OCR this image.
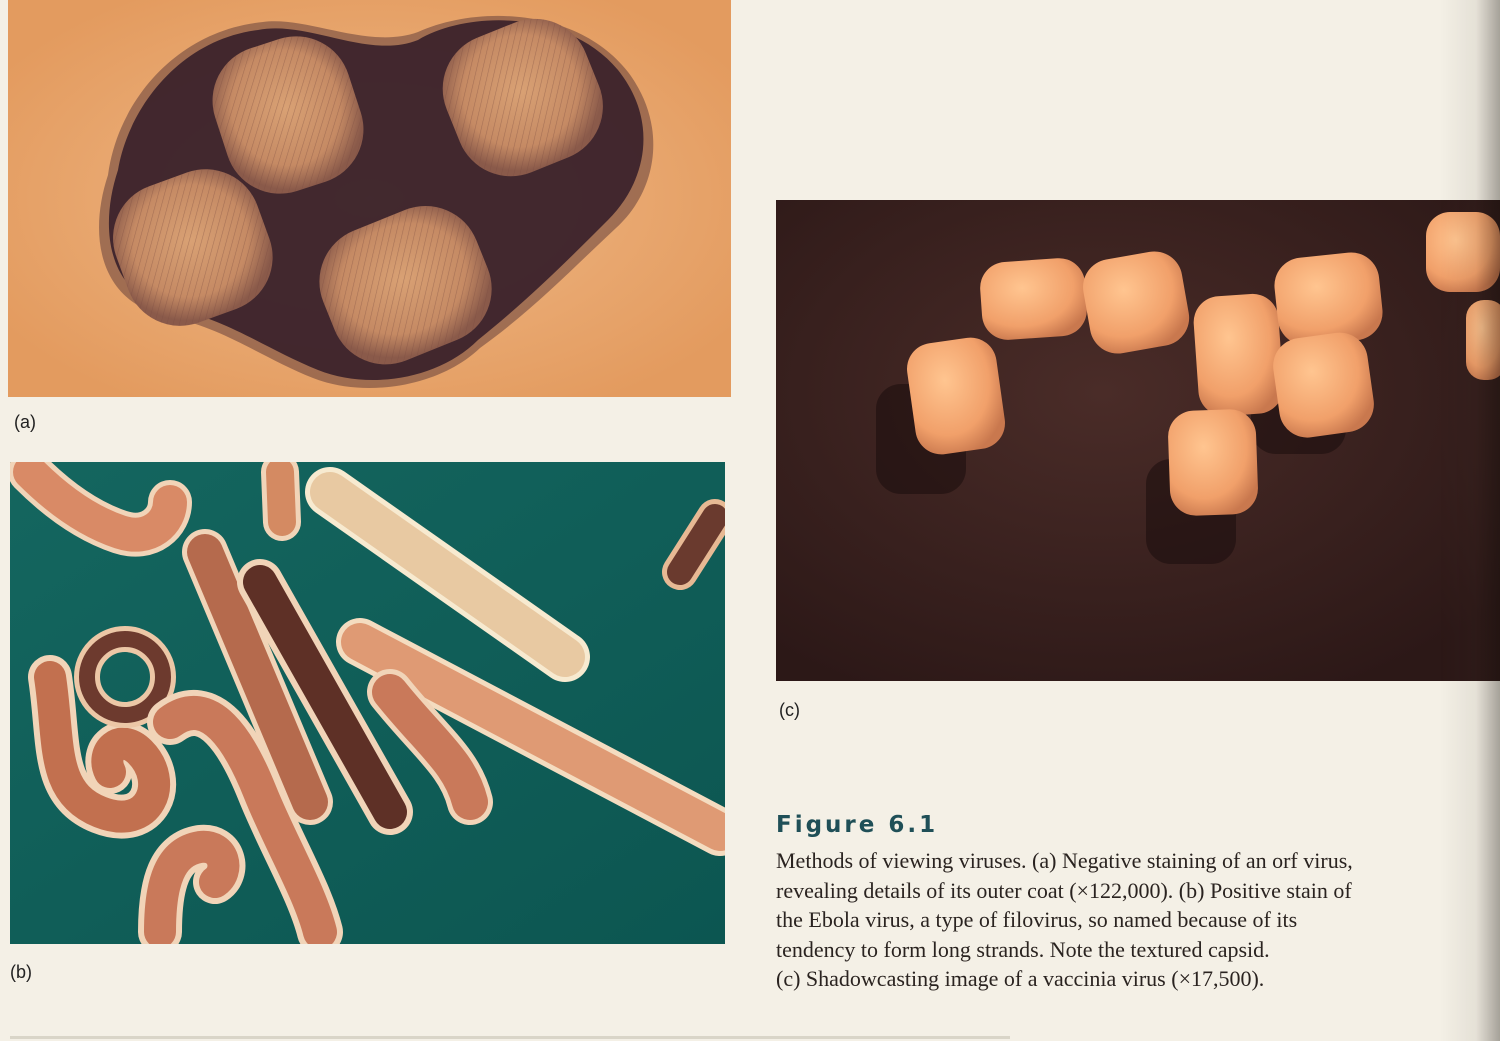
(a)
(b)
(c)
Figure 6.1
Methods of viewing viruses. (a) Negative staining of an orf virus,
revealing details of its outer coat (×122,000). (b) Positive stain of
the Ebola virus, a type of filovirus, so named because of its
tendency to form long strands. Note the textured capsid.
(c) Shadowcasting image of a vaccinia virus (×17,500).
